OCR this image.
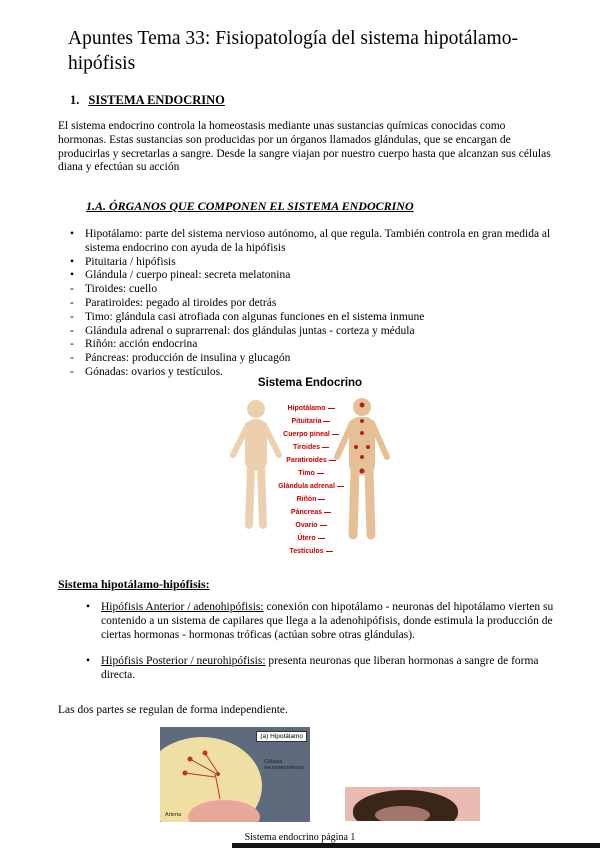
Apuntes Tema 33: Fisiopatología del sistema hipotálamo-hipófisis
1. SISTEMA ENDOCRINO

El sistema endocrino controla la homeostasis mediante unas sustancias químicas conocidas como hormonas. Estas sustancias son producidas por un órganos llamados glándulas, que se encargan de producirlas y secretarlas a sangre. Desde la sangre viajan por nuestro cuerpo hasta que alcanzan sus células diana y efectúan su acción

1.A. ÓRGANOS QUE COMPONEN EL SISTEMA ENDOCRINO
• Hipotálamo: parte del sistema nervioso autónomo, al que regula. También controla en gran medida al sistema endocrino con ayuda de la hipófisis
• Pituitaria / hipófisis
• Glándula / cuerpo pineal: secreta melatonina
- Tiroides: cuello
- Paratiroides: pegado al tiroides por detrás
- Timo: glándula casi atrofiada con algunas funciones en el sistema inmune
- Glándula adrenal o suprarrenal: dos glándulas juntas - corteza y médula
- Riñón: acción endocrina
- Páncreas: producción de insulina y glucagón
- Gónadas: ovarios y testículos.
Sistema Endocrino
Hipotálamo
Pituitaria
Cuerpo pineal
Tiroides
Paratiroides
Timo
Glándula adrenal
Riñón
Páncreas
Ovario
Útero
Testículos
Sistema hipotálamo-hipófisis:
• Hipófisis Anterior / adenohipófisis: conexión con hipotálamo - neuronas del hipotálamo vierten su contenido a un sistema de capilares que llega a la adenohipófisis, donde estimula la producción de ciertas hormonas - hormonas tróficas (actúan sobre otras glándulas).
• Hipófisis Posterior / neurohipófisis: presenta neuronas que liberan hormonas a sangre de forma directa.

Las dos partes se regulan de forma independiente.

(a) Hipotálamo
Células neurosecretoras
Arteria
Sistema endocrino página 1
